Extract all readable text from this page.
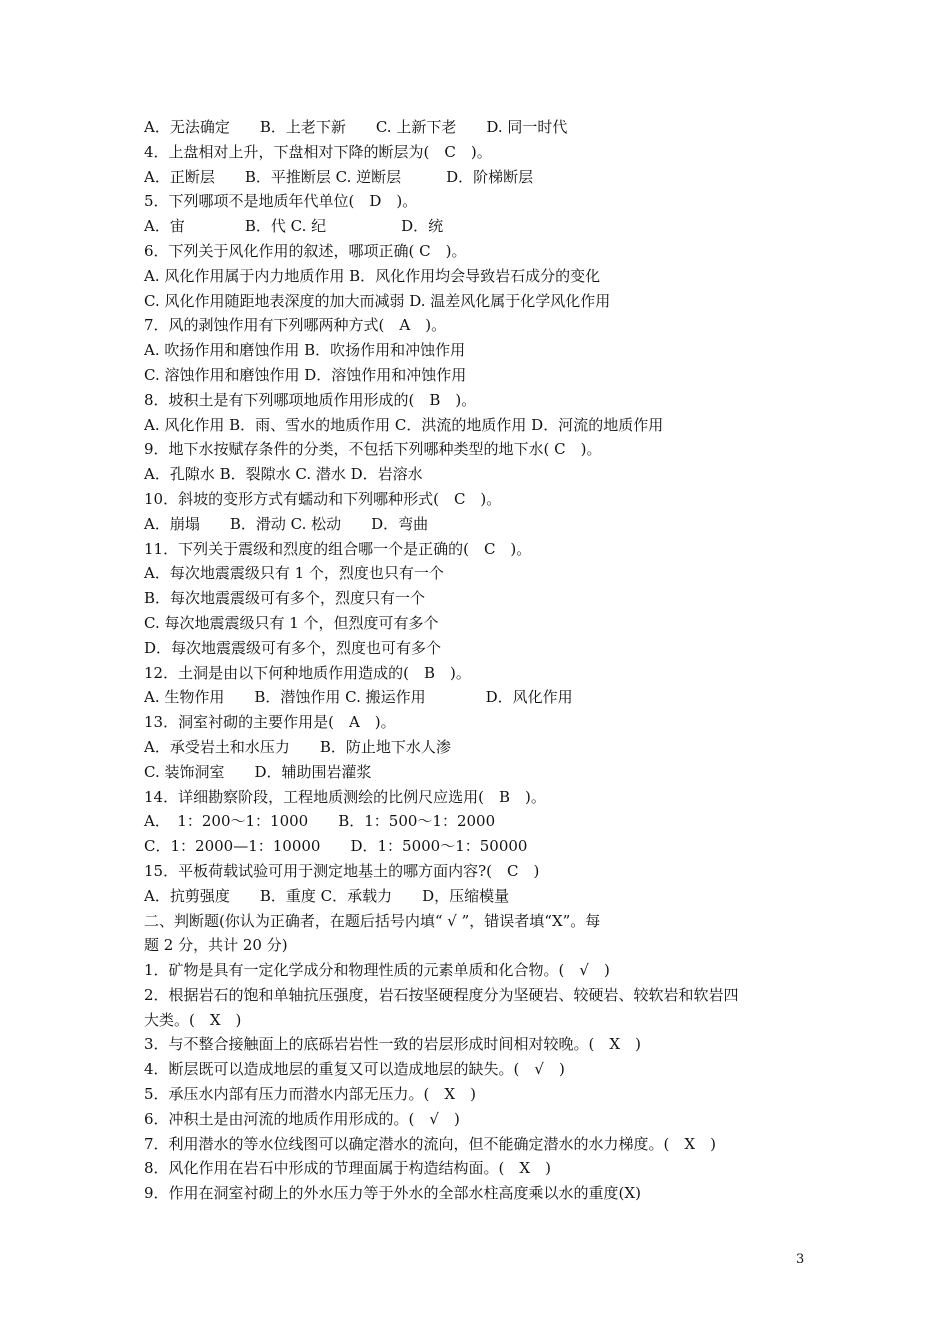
A．无法确定　　B．上老下新　　C. 上新下老　　D. 同一时代
4．上盘相对上升，下盘相对下降的断层为(　C　)。
A．正断层　　B．平推断层 C. 逆断层　　　D．阶梯断层
5．下列哪项不是地质年代单位(　D　)。
A．宙　　　　B．代 C. 纪　　　　　D．统
6．下列关于风化作用的叙述，哪项正确( C　)。
A. 风化作用属于内力地质作用 B．风化作用均会导致岩石成分的变化
C. 风化作用随距地表深度的加大而减弱 D. 温差风化属于化学风化作用
7．风的剥蚀作用有下列哪两种方式(　A　)。
A. 吹扬作用和磨蚀作用 B．吹扬作用和冲蚀作用
C. 溶蚀作用和磨蚀作用 D．溶蚀作用和冲蚀作用
8．坡积土是有下列哪项地质作用形成的(　B　)。
A. 风化作用 B．雨、雪水的地质作用 C．洪流的地质作用 D．河流的地质作用
9．地下水按赋存条件的分类，不包括下列哪种类型的地下水( C　)。
A．孔隙水 B．裂隙水 C. 潜水 D．岩溶水
10．斜坡的变形方式有蠕动和下列哪种形式(　C　)。
A．崩塌　　B．滑动 C. 松动　　D．弯曲
11．下列关于震级和烈度的组合哪一个是正确的(　C　)。
A．每次地震震级只有 1 个，烈度也只有一个
B．每次地震震级可有多个，烈度只有一个
C. 每次地震震级只有 1 个，但烈度可有多个
D．每次地震震级可有多个，烈度也可有多个
12．土洞是由以下何种地质作用造成的(　B　)。
A. 生物作用　　B．潜蚀作用 C. 搬运作用　　　　D．风化作用
13．洞室衬砌的主要作用是(　A　)。
A．承受岩土和水压力　　B．防止地下水人渗
C. 装饰洞室　　D．辅助围岩灌浆
14．详细勘察阶段，工程地质测绘的比例尺应选用(　B　)。
A．　1：200～1：1000　　B．1：500～1：2000
C．1：2000—1：10000　　D．1：5000～1：50000
15．平板荷载试验可用于测定地基土的哪方面内容?(　C　)
A．抗剪强度　　B．重度 C．承载力　　D，压缩模量
二、判断题(你认为正确者，在题后括号内填“ √ ”，错误者填“X”。每
题 2 分，共计 20 分)
1．矿物是具有一定化学成分和物理性质的元素单质和化合物。(　√　)
2．根据岩石的饱和单轴抗压强度，岩石按坚硬程度分为坚硬岩、较硬岩、较软岩和软岩四
大类。(　X　)
3．与不整合接触面上的底砾岩岩性一致的岩层形成时间相对较晚。(　X　)
4．断层既可以造成地层的重复又可以造成地层的缺失。(　√　)
5．承压水内部有压力而潜水内部无压力。(　X　)
6．冲积土是由河流的地质作用形成的。(　√　)
7．利用潜水的等水位线图可以确定潜水的流向，但不能确定潜水的水力梯度。(　X　)
8．风化作用在岩石中形成的节理面属于构造结构面。(　X　)
9．作用在洞室衬砌上的外水压力等于外水的全部水柱高度乘以水的重度(X)
3
